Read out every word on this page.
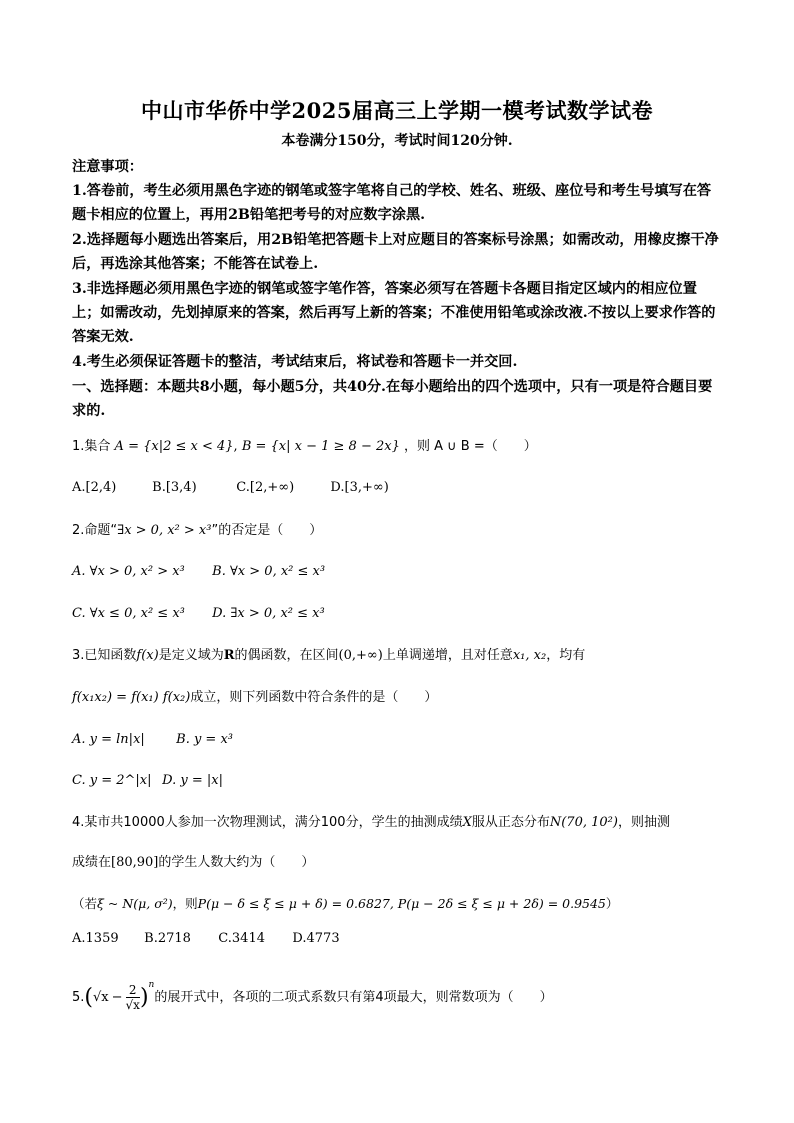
中山市华侨中学2025届高三上学期一模考试数学试卷
本卷满分150分，考试时间120分钟.
注意事项：
1.答卷前，考生必须用黑色字迹的钢笔或签字笔将自己的学校、姓名、班级、座位号和考生号填写在答题卡相应的位置上，再用2B铅笔把考号的对应数字涂黑.
2.选择题每小题选出答案后，用2B铅笔把答题卡上对应题目的答案标号涂黑；如需改动，用橡皮擦干净后，再选涂其他答案；不能答在试卷上.
3.非选择题必须用黑色字迹的钢笔或签字笔作答，答案必须写在答题卡各题目指定区域内的相应位置上；如需改动，先划掉原来的答案，然后再写上新的答案；不准使用铅笔或涂改液.不按以上要求作答的答案无效.
4.考生必须保证答题卡的整洁，考试结束后，将试卷和答题卡一并交回.
一、选择题：本题共8小题，每小题5分，共40分.在每小题给出的四个选项中，只有一项是符合题目要求的.
1.集合 A = {x|2 ≤ x < 4}, B = {x| x − 1 ≥ 8 − 2x} ，则 A ∪ B =（　　）
A.[2,4)	B.[3,4)	C.[2,+∞)	D.[3,+∞)
2.命题“∃x > 0, x² > x³”的否定是（　　）
A. ∀x > 0, x² > x³ B. ∀x > 0, x² ≤ x³
C. ∀x ≤ 0, x² ≤ x³ D. ∃x > 0, x² ≤ x³
3.已知函数f(x)是定义域为R的偶函数，在区间(0,+∞)上单调递增，且对任意x₁, x₂，均有
f(x₁x₂) = f(x₁) f(x₂)成立，则下列函数中符合条件的是（　　）
A. y = ln|x| B. y = x³
C. y = 2^|x| D. y = |x|
4.某市共10000人参加一次物理测试，满分100分，学生的抽测成绩X服从正态分布N(70, 10²)，则抽测
成绩在[80,90]的学生人数大约为（　　）
（若ξ ~ N(μ, σ²)，则P(μ − δ ≤ ξ ≤ μ + δ) = 0.6827, P(μ − 2δ ≤ ξ ≤ μ + 2δ) = 0.9545）
A.1359 B.2718 C.3414 D.4773
$5.(√x - \frac{2}{√x} )^n$的展开式中，各项的二项式系数只有第4项最大，则常数项为（　　）
